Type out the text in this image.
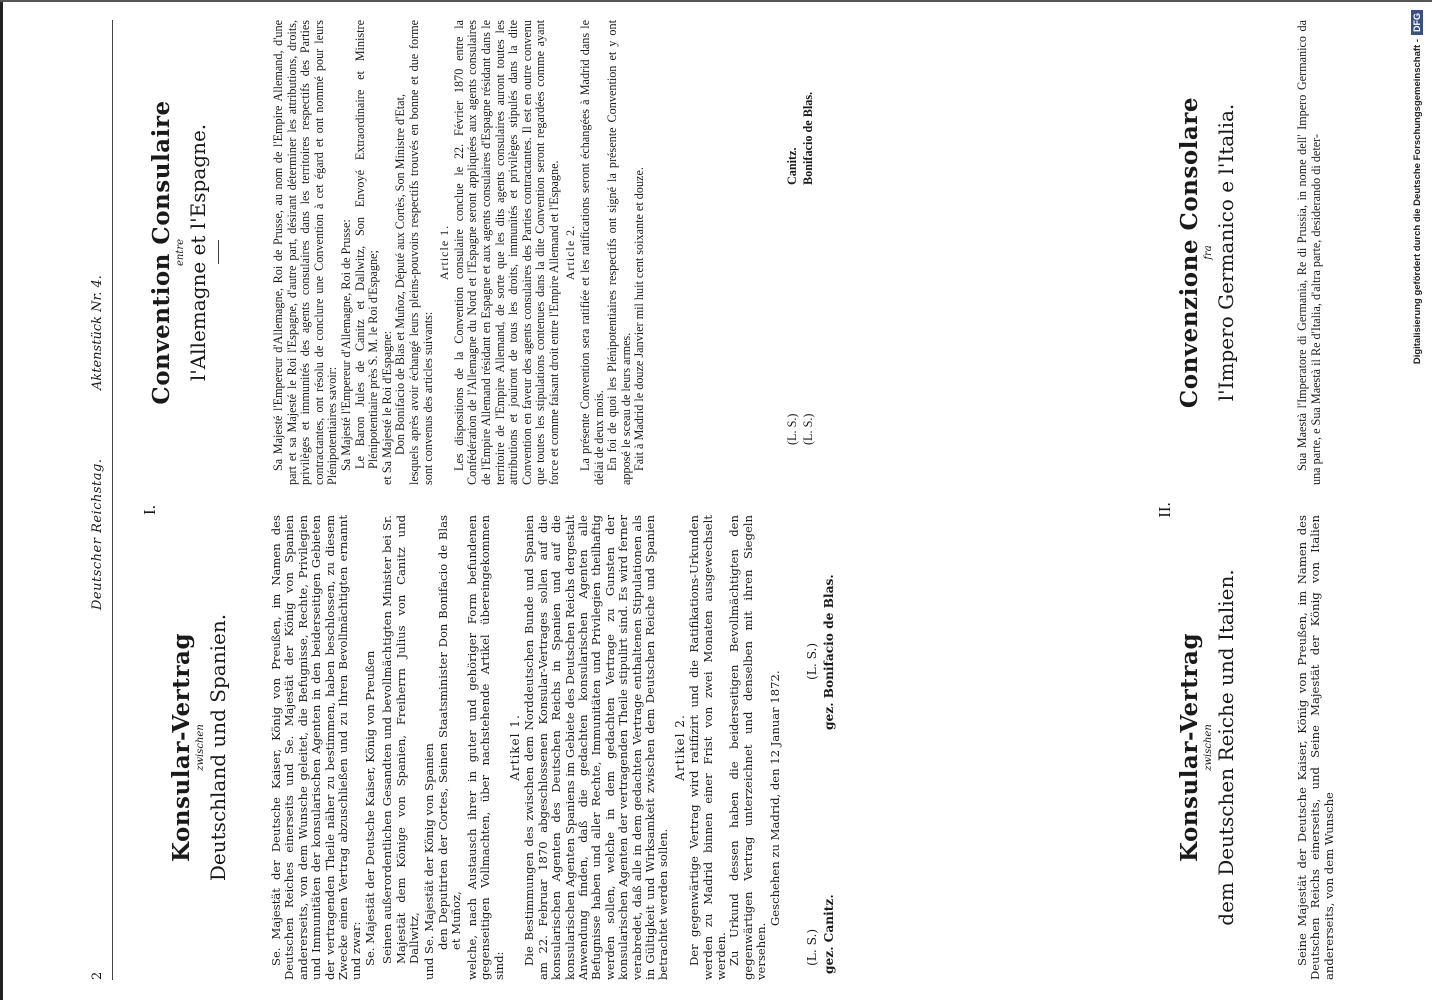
2
Deutscher Reichstag.
Aktenstück Nr. 4.
I.
Konsular-Vertrag zwischen Deutschland und Spanien.	Se. Majestät der Deutsche Kaiser, König von Preußen, im Namen des Deutschen Reiches einerseits und Se. Majestät der König von Spanien andererseits, von dem Wunsche geleitet, die Befugnisse, Rechte, Privilegien und Immunitäten der konsularischen Agenten in den beiderseitigen Gebieten der vertragenden Theile näher zu bestimmen, haben beschlossen, zu diesem Zwecke einen Vertrag abzuschließen und zu Ihren Bevollmächtigten ernannt und zwar: Se. Majestät der Deutsche Kaiser, König von Preußen Seinen außerordentlichen Gesandten und bevollmächtigten Minister bei Sr. Majestät dem Könige von Spanien, Freiherrn Julius von Canitz und Dallwitz, und Se. Majestät der König von Spanien den Deputirten der Cortes, Seinen Staatsminister Don Bonifacio de Blas et Muñoz, welche, nach Austausch ihrer in guter und gehöriger Form befundenen gegenseitigen Vollmachten, über nachstehende Artikel übereingekommen sind:

Artikel 1. Die Bestimmungen des zwischen dem Norddeutschen Bunde und Spanien am 22. Februar 1870 abgeschlossenen Konsular-Vertrages sollen auf die konsularischen Agenten des Deutschen Reichs in Spanien und auf die konsularischen Agenten Spaniens im Gebiete des Deutschen Reichs dergestalt Anwendung finden, daß die gedachten konsularischen Agenten alle Befugnisse haben und aller Rechte, Immunitäten und Privilegien theilhaftig werden sollen, welche in dem gedachten Vertrage zu Gunsten der konsularischen Agenten der vertragenden Theile stipulirt sind. Es wird ferner verabredet, daß alle in dem gedachten Vertrage enthaltenen Stipulationen als in Gültigkeit und Wirksamkeit zwischen dem Deutschen Reiche und Spanien betrachtet werden sollen.

Artikel 2. Der gegenwärtige Vertrag wird ratifizirt und die Ratifikations-Urkunden werden zu Madrid binnen einer Frist von zwei Monaten ausgewechselt werden. Zu Urkund dessen haben die beiderseitigen Bevollmächtigten den gegenwärtigen Vertrag unterzeichnet und denselben mit ihren Siegeln versehen.

Geschehen zu Madrid, den 12 Januar 1872.

(L. S.)
(L. S.)
gez. Canitz.
gez. Bonifacio de Blas.
Convention Consulaire entre l'Allemagne et l'Espagne.	Sa Majesté l'Empereur d'Allemagne, Roi de Prusse, au nom de l'Empire Allemand, d'une part et sa Majesté le Roi l'Espagne, d'autre part, désirant déterminer les attributions, droits, privilèges et immunités des agents consulaires dans les territoires respectifs des Parties contractantes, ont résolu de conclure une Convention à cet égard et ont nommé pour leurs Plénipotentiaires savoir: Sa Majesté l'Empereur d'Allemagne, Roi de Prusse: Le Baron Jules de Canitz et Dallwitz, Son Envoyé Extraordinaire et Ministre Plénipotentiaire près S. M. le Roi d'Espagne; et Sa Majesté le Roi d'Espagne: Don Bonifacio de Blas et Muñoz, Député aux Cortès, Son Ministre d'Etat, lesquels après avoir échangé leurs pleins-pouvoirs respectifs trouvés en bonne et due forme sont convenus des articles suivants:

Article 1. Les dispositions de la Convention consulaire conclue le 22. Février 1870 entre la Confédération de l'Allemagne du Nord et l'Espagne seront appliquées aux agents consulaires de l'Empire Allemand résidant en Espagne et aux agents consulaires d'Espagne résidant dans le territoire de l'Empire Allemand, de sorte que les dits agents consulaires auront toutes les attributions et jouiront de tous les droits, immunités et privilèges stipulés dans la dite Convention en faveur des agents consulaires des Parties contractantes. Il est en outre convenu que toutes les stipulations contenues dans la dite Convention seront regardées comme ayant force et comme faisant droit entre l'Empire Allemand et l'Espagne. Article 2. La présente Convention sera ratifiée et les ratifications seront échangées à Madrid dans le délai de deux mois. En foi de quoi les Plénipotentiaires respectifs ont signé la présente Convention et y ont apposé le sceau de leurs armes. Fait à Madrid le douze Janvier mil huit cent soixante et douze.	(L. S.) (L. S.)
Canitz. Bonifacio de Blas.
II.
Konsular-Vertrag zwischen dem Deutschen Reiche und Italien.	Seine Majestät der Deutsche Kaiser, König von Preußen, im Namen des Deutschen Reichs einerseits, und Seine Majestät der König von Italien andererseits, von dem Wunsche

Convenzione Consolare fra l'Impero Germanico e l'Italia.	Sua Maestà l'Imperatore di Germania, Re di Prussia, in nome dell' Impero Germanico da una parte, e Sua Maestà il Re d'Italia, d'altra parte, desiderando di deter-	Digitalisierung gefördert durch die Deutsche Forschungsgemeinschaft -DFG
